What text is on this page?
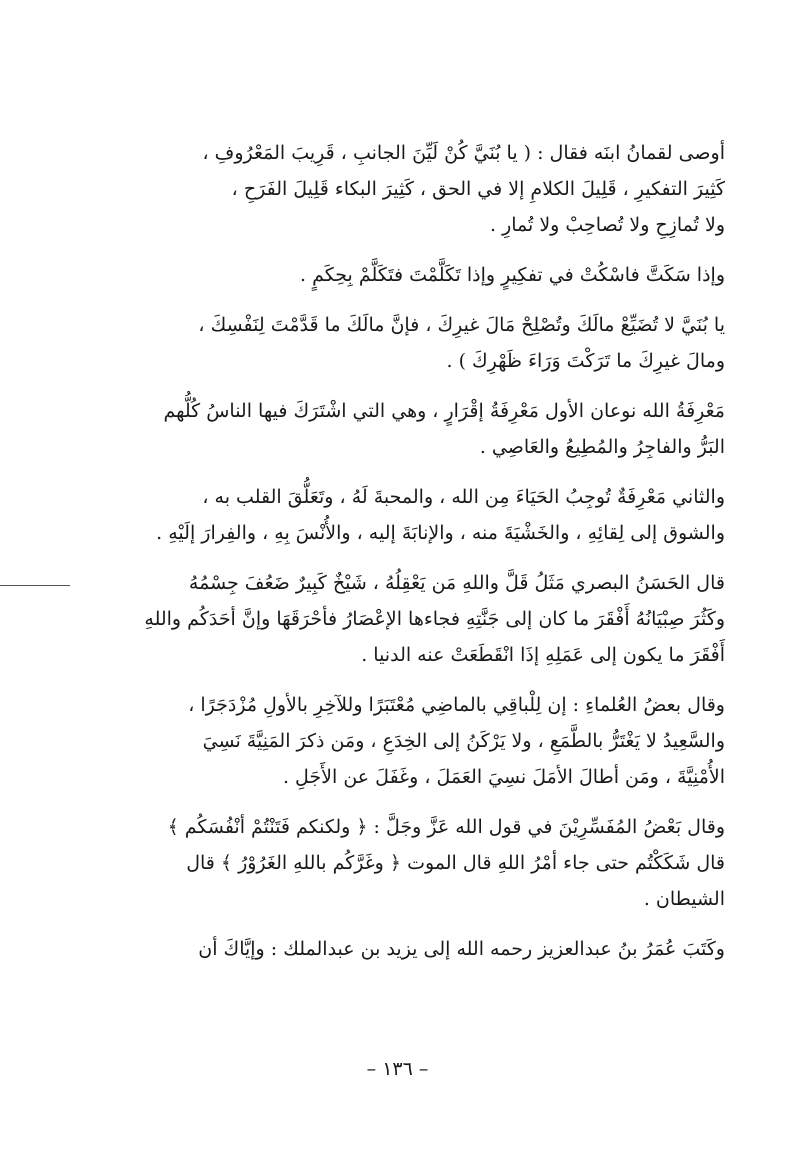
أوصى لقمانُ ابنَه فقال : ( يا بُنَيَّ كُنْ لَيِّنَ الجانبِ ، قَرِيبَ المَعْرُوفِ ،

كَثِيرَ التفكيرِ ، قَلِيلَ الكلامِ إلا في الحق ، كَثِيرَ البكاء قَلِيلَ الفَرَحِ ،

ولا تُمازِحِ ولا تُصاحِبْ ولا تُمارِ .

وإذا سَكَتَّ فاسْكُتْ في تفكِيرٍ وإذا تَكَلَّمْتَ فتَكَلَّمْ بِحِكَمٍ .

يا بُنَيَّ لا تُضَيِّعْ مالَكَ وتُصْلِحْ مَالَ غيرِكَ ، فإنَّ مالَكَ ما قَدَّمْتَ لِنَفْسِكَ ،

ومالَ غيرِكَ ما تَرَكْتَ وَرَاءَ ظَهْرِكَ ) .

مَعْرِفَةُ الله نوعان الأول مَعْرِفَةُ إقْرَارٍ ، وهي التي اشْتَرَكَ فيها الناسُ كُلُّهم

البَرُّ والفاجِرُ والمُطِيعُ والعَاصِي .

والثاني مَعْرِفَةٌ تُوجِبُ الحَيَاءَ مِن الله ، والمحبةَ لَهُ ، وتَعَلُّقَ القلب به ،

والشوق إلى لِقائِهِ ، والخَشْيَةَ منه ، والإنابَةَ إليه ، والأُنْسَ بِهِ ، والفِرارَ إلَيْهِ .

قال الحَسَنُ البصري مَثَلُ قَلَّ واللهِ مَن يَعْقِلُهُ ، شَيْخٌ كَبِيرٌ ضَعُفَ جِسْمُهُ

وكَثُرَ صِبْيَانُهُ أَفْقَرَ ما كان إلى جَنَّتِهِ فجاءها الإعْصَارُ فأحْرَقَهَا وإنَّ أحَدَكُم واللهِ

أَفْقَرَ ما يكون إلى عَمَلِهِ إذَا انْقَطَعَتْ عنه الدنيا .

وقال بعضُ العُلماءِ : إن لِلْباقِي بالماضِي مُعْتَبَرًا وللآخِرِ بالأولِ مُزْدَجَرًا ،

والسَّعِيدُ لا يَغْتَرُّ بالطَّمَعِ ، ولا يَرْكَنُ إلى الخِدَعِ ، ومَن ذكرَ المَنِيَّةَ نَسِيَ

الأُمْنِيَّةَ ، ومَن أطالَ الأمَلَ نسِيَ العَمَلَ ، وغَفَلَ عن الأَجَلِ .

وقال بَعْضُ المُفَسِّرِيْنَ في قول الله عَزَّ وجَلَّ : ﴿ ولكنكم فَتَنْتُمْ أنْفُسَكُم ﴾

قال شَكَكْتُم حتى جاء أمْرُ اللهِ قال الموت ﴿ وغَرَّكُم باللهِ الغَرُوْرُ ﴾ قال

الشيطان .

وكَتَبَ عُمَرُ بنُ عبدالعزيز رحمه الله إلى يزيد بن عبدالملك : وإيَّاكَ أن

– ١٣٦ –
